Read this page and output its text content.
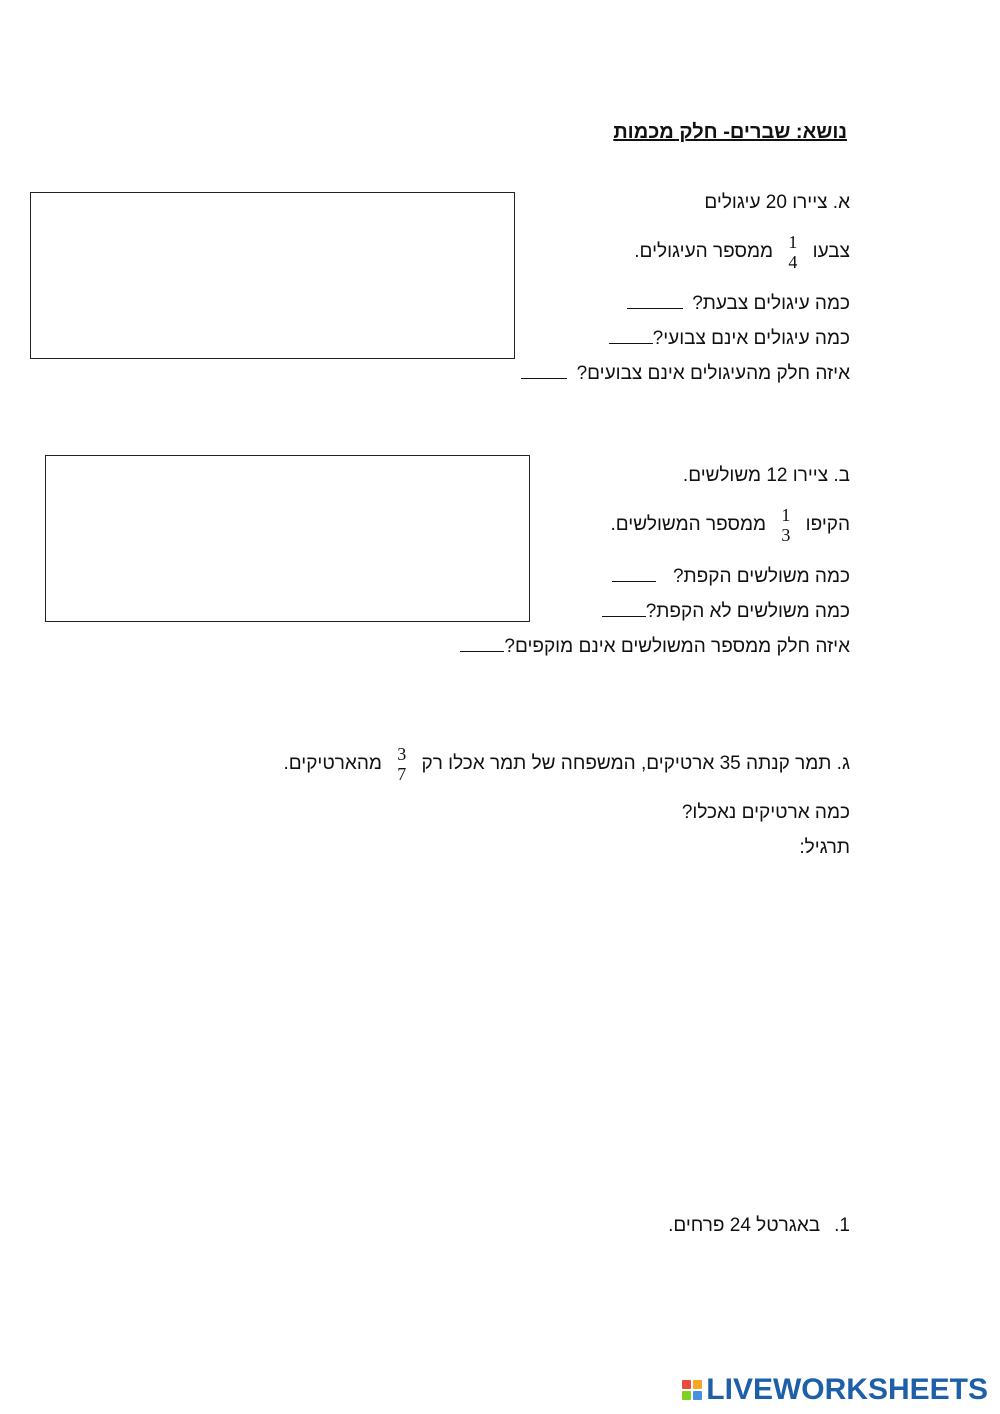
נושא: שברים- חלק מכמות
א. ציירו 20 עיגולים
צבעו
1
4
ממספר העיגולים.
כמה עיגולים צבעת?
כמה עיגולים אינם צבועי?
איזה חלק מהעיגולים אינם צבועים?
ב. ציירו 12 משולשים.
הקיפו
1
3
ממספר המשולשים.
כמה משולשים הקפת?
כמה משולשים לא הקפת?
איזה חלק ממספר המשולשים אינם מוקפים?
ג. תמר קנתה 35 ארטיקים, המשפחה של תמר אכלו רק
3
7
מהארטיקים.
כמה ארטיקים נאכלו?
תרגיל:
1.באגרטל 24 פרחים.
LIVEWORKSHEETS
